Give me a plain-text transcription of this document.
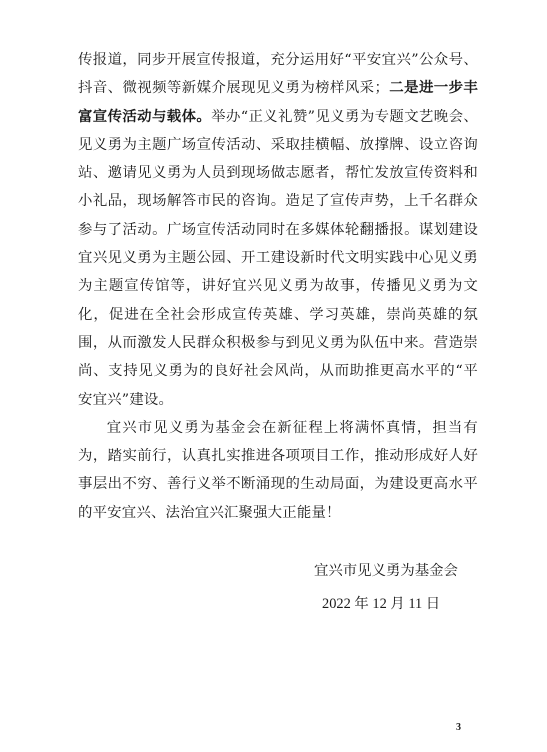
传报道，同步开展宣传报道，充分运用好“平安宜兴”公众号、抖音、微视频等新媒介展现见义勇为榜样风采；二是进一步丰富宣传活动与载体。举办“正义礼赞”见义勇为专题文艺晚会、见义勇为主题广场宣传活动、采取挂横幅、放撑牌、设立咨询站、邀请见义勇为人员到现场做志愿者，帮忙发放宣传资料和小礼品，现场解答市民的咨询。造足了宣传声势，上千名群众参与了活动。广场宣传活动同时在多媒体轮翻播报。谋划建设宜兴见义勇为主题公园、开工建设新时代文明实践中心见义勇为主题宣传馆等，讲好宜兴见义勇为故事，传播见义勇为文化，促进在全社会形成宣传英雄、学习英雄，崇尚英雄的氛围，从而激发人民群众积极参与到见义勇为队伍中来。营造崇尚、支持见义勇为的良好社会风尚，从而助推更高水平的“平安宜兴”建设。

宜兴市见义勇为基金会在新征程上将满怀真情，担当有为，踏实前行，认真扎实推进各项项目工作，推动形成好人好事层出不穷、善行义举不断涌现的生动局面，为建设更高水平的平安宜兴、法治宜兴汇聚强大正能量！

宜兴市见义勇为基金会

2022 年 12 月 11 日

3
